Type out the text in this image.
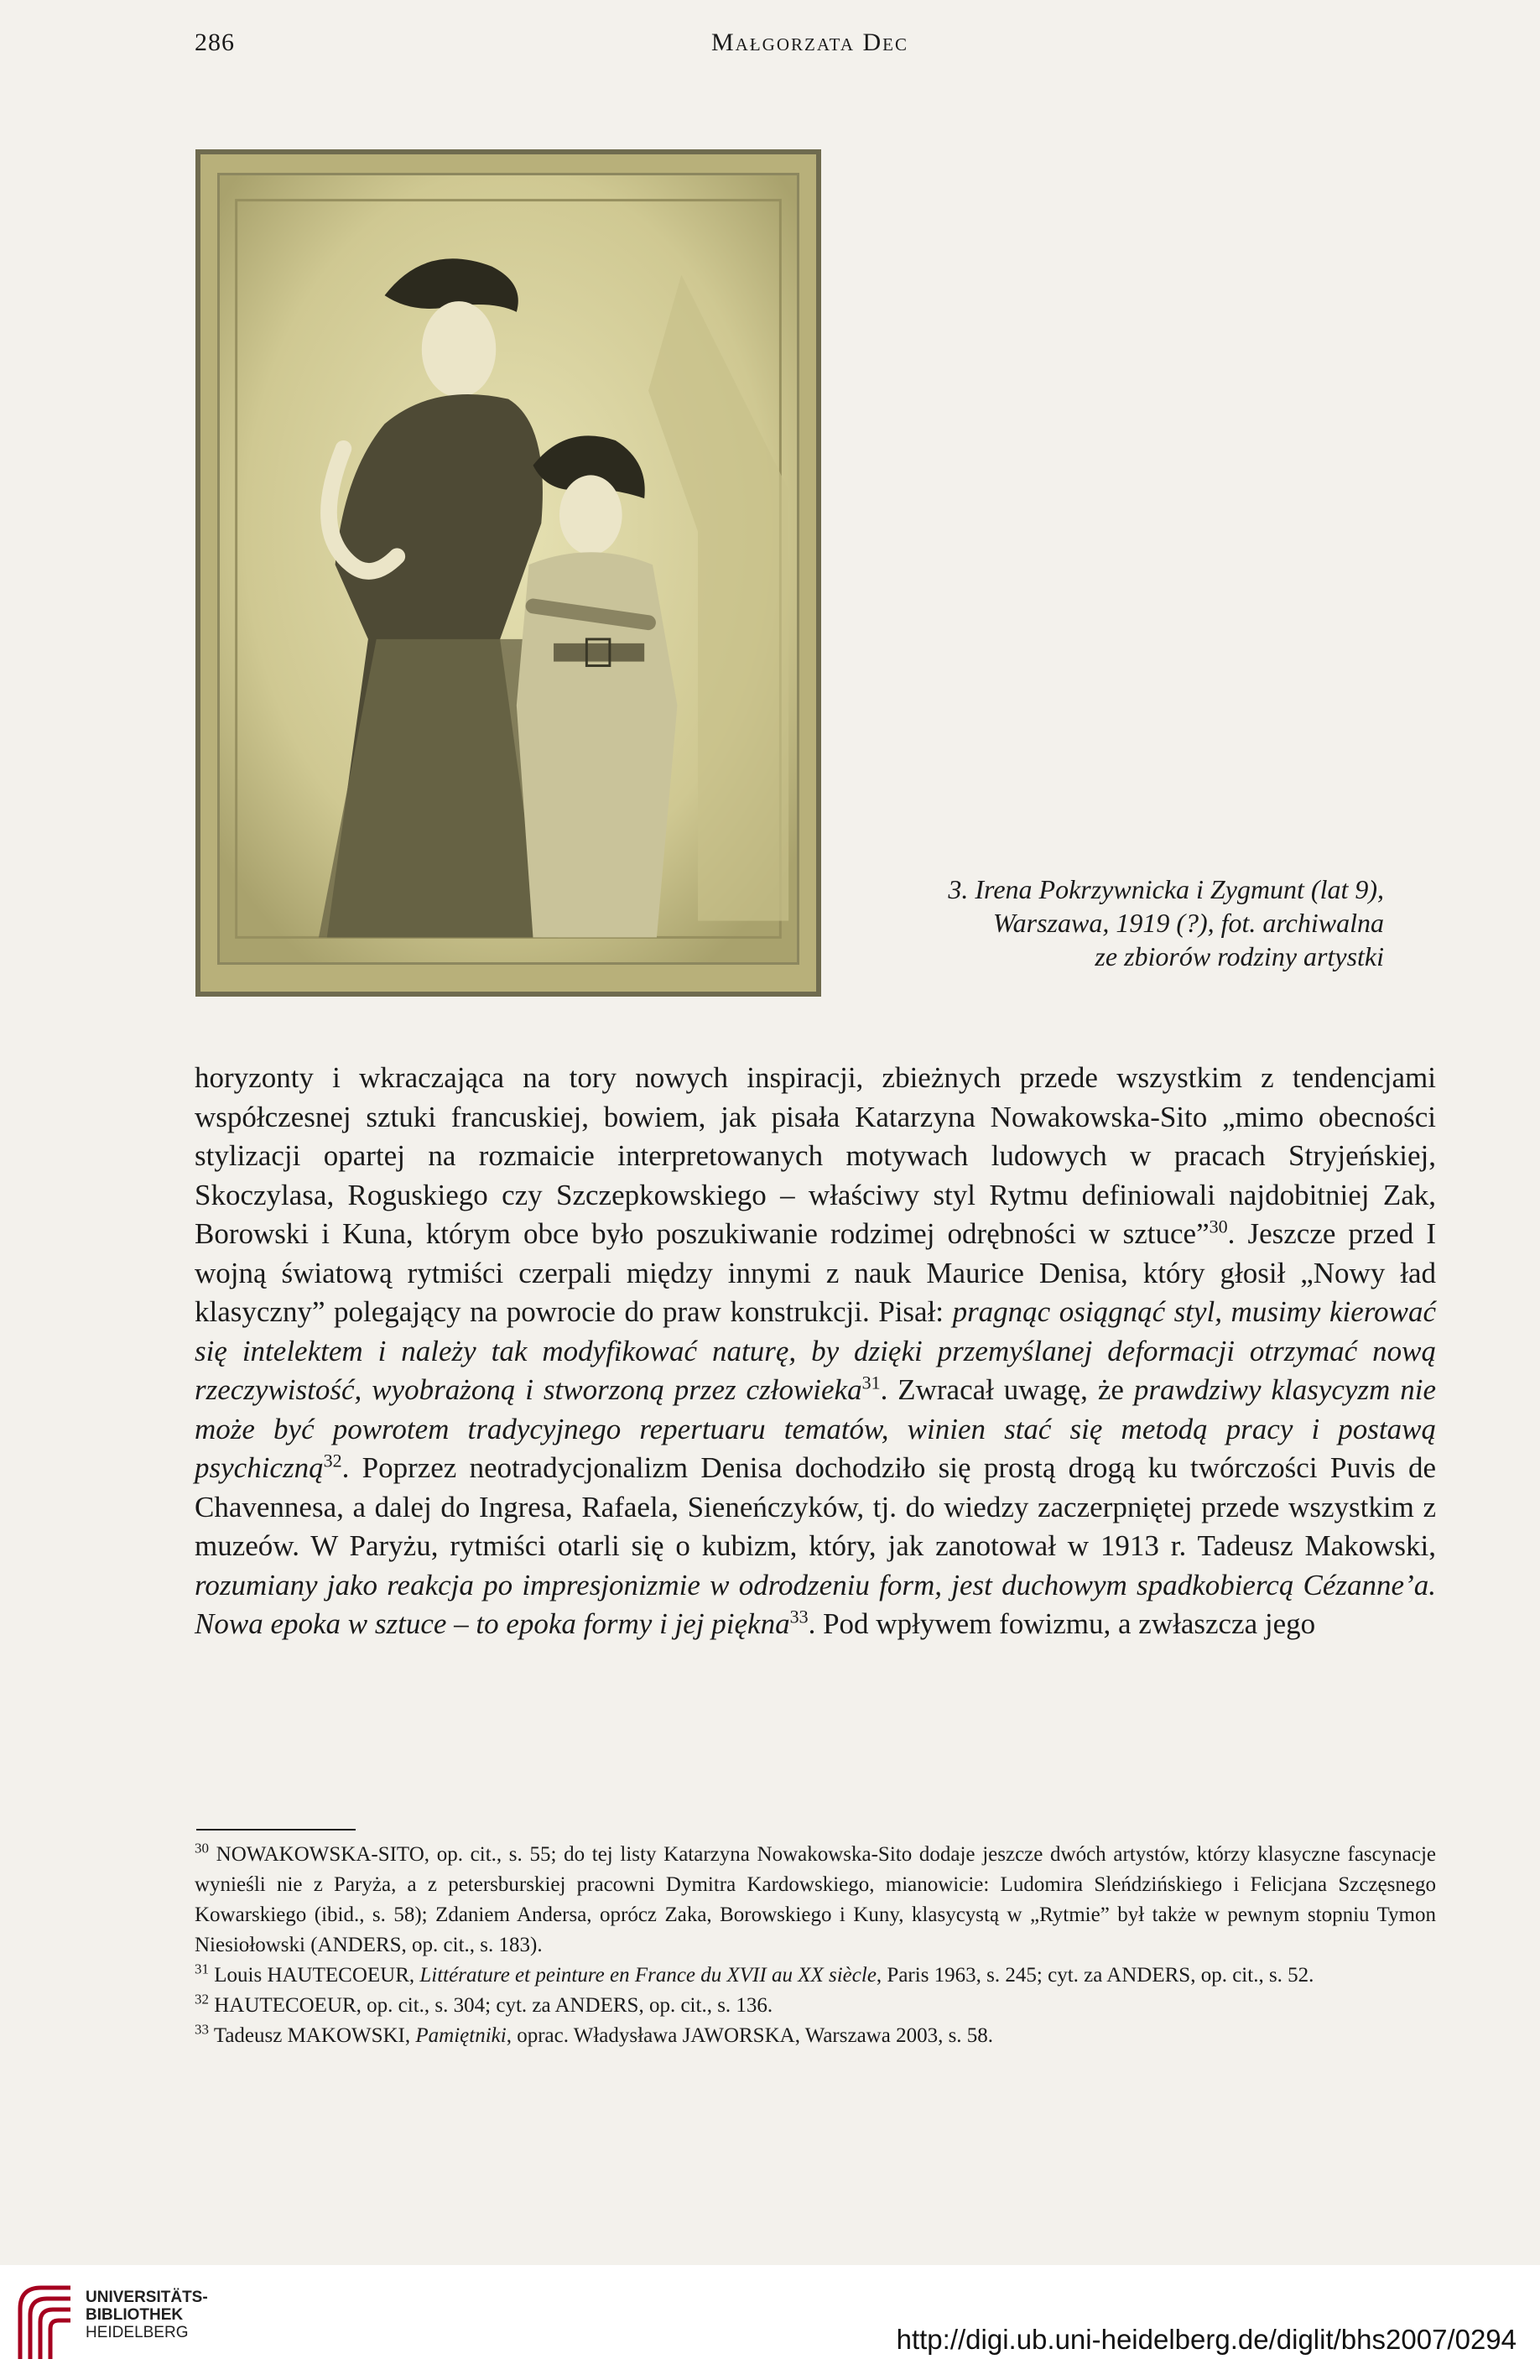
286	Małgorzata Dec
3. Irena Pokrzywnicka i Zygmunt (lat 9),
Warszawa, 1919 (?), fot. archiwalna
ze zbiorów rodziny artystki

horyzonty i wkraczająca na tory nowych inspiracji, zbieżnych przede wszystkim z tendencjami współczesnej sztuki francuskiej, bowiem, jak pisała Katarzyna Nowakowska-Sito „mimo obecności stylizacji opartej na rozmaicie interpretowanych motywach ludowych w pracach Stryjeńskiej, Skoczylasa, Roguskiego czy Szczepkowskiego – właściwy styl Rytmu definiowali najdobitniej Zak, Borowski i Kuna, którym obce było poszukiwanie rodzimej odrębności w sztuce”$^{30}$. Jeszcze przed I wojną światową rytmiści czerpali między innymi z nauk Maurice Denisa, który głosił „Nowy ład klasyczny” polegający na powrocie do praw konstrukcji. Pisał: pragnąc osiągnąć styl, musimy kierować się intelektem i należy tak modyfikować naturę, by dzięki przemyślanej deformacji otrzymać nową rzeczywistość, wyobrażoną i stworzoną przez człowieka$^{31}$. Zwracał uwagę, że prawdziwy klasycyzm nie może być powrotem tradycyjnego repertuaru tematów, winien stać się metodą pracy i postawą psychiczną$^{32}$. Poprzez neotradycjonalizm Denisa dochodziło się prostą drogą ku twórczości Puvis de Chavennesa, a dalej do Ingresa, Rafaela, Sieneńczyków, tj. do wiedzy zaczerpniętej przede wszystkim z muzeów. W Paryżu, rytmiści otarli się o kubizm, który, jak zanotował w 1913 r. Tadeusz Makowski, rozumiany jako reakcja po impresjonizmie w odrodzeniu form, jest duchowym spadkobiercą Cézanne’a. Nowa epoka w sztuce – to epoka formy i jej piękna$^{33}$. Pod wpływem fowizmu, a zwłaszcza jego

$^{30}$ NOWAKOWSKA-SITO, op. cit., s. 55; do tej listy Katarzyna Nowakowska-Sito dodaje jeszcze dwóch artystów, którzy klasyczne fascynacje wynieśli nie z Paryża, a z petersburskiej pracowni Dymitra Kardowskiego, mianowicie: Ludomira Sleńdzińskiego i Felicjana Szczęsnego Kowarskiego (ibid., s. 58); Zdaniem Andersa, oprócz Zaka, Borowskiego i Kuny, klasycystą w „Rytmie” był także w pewnym stopniu Tymon Niesiołowski (ANDERS, op. cit., s. 183).

$^{31}$ Louis HAUTECOEUR, Littérature et peinture en France du XVII au XX siècle, Paris 1963, s. 245; cyt. za ANDERS, op. cit., s. 52.

$^{32}$ HAUTECOEUR, op. cit., s. 304; cyt. za ANDERS, op. cit., s. 136.

$^{33}$ Tadeusz MAKOWSKI, Pamiętniki, oprac. Władysława JAWORSKA, Warszawa 2003, s. 58.

UNIVERSITÄTS-
BIBLIOTHEK
HEIDELBERG	http://digi.ub.uni-heidelberg.de/diglit/bhs2007/0294
